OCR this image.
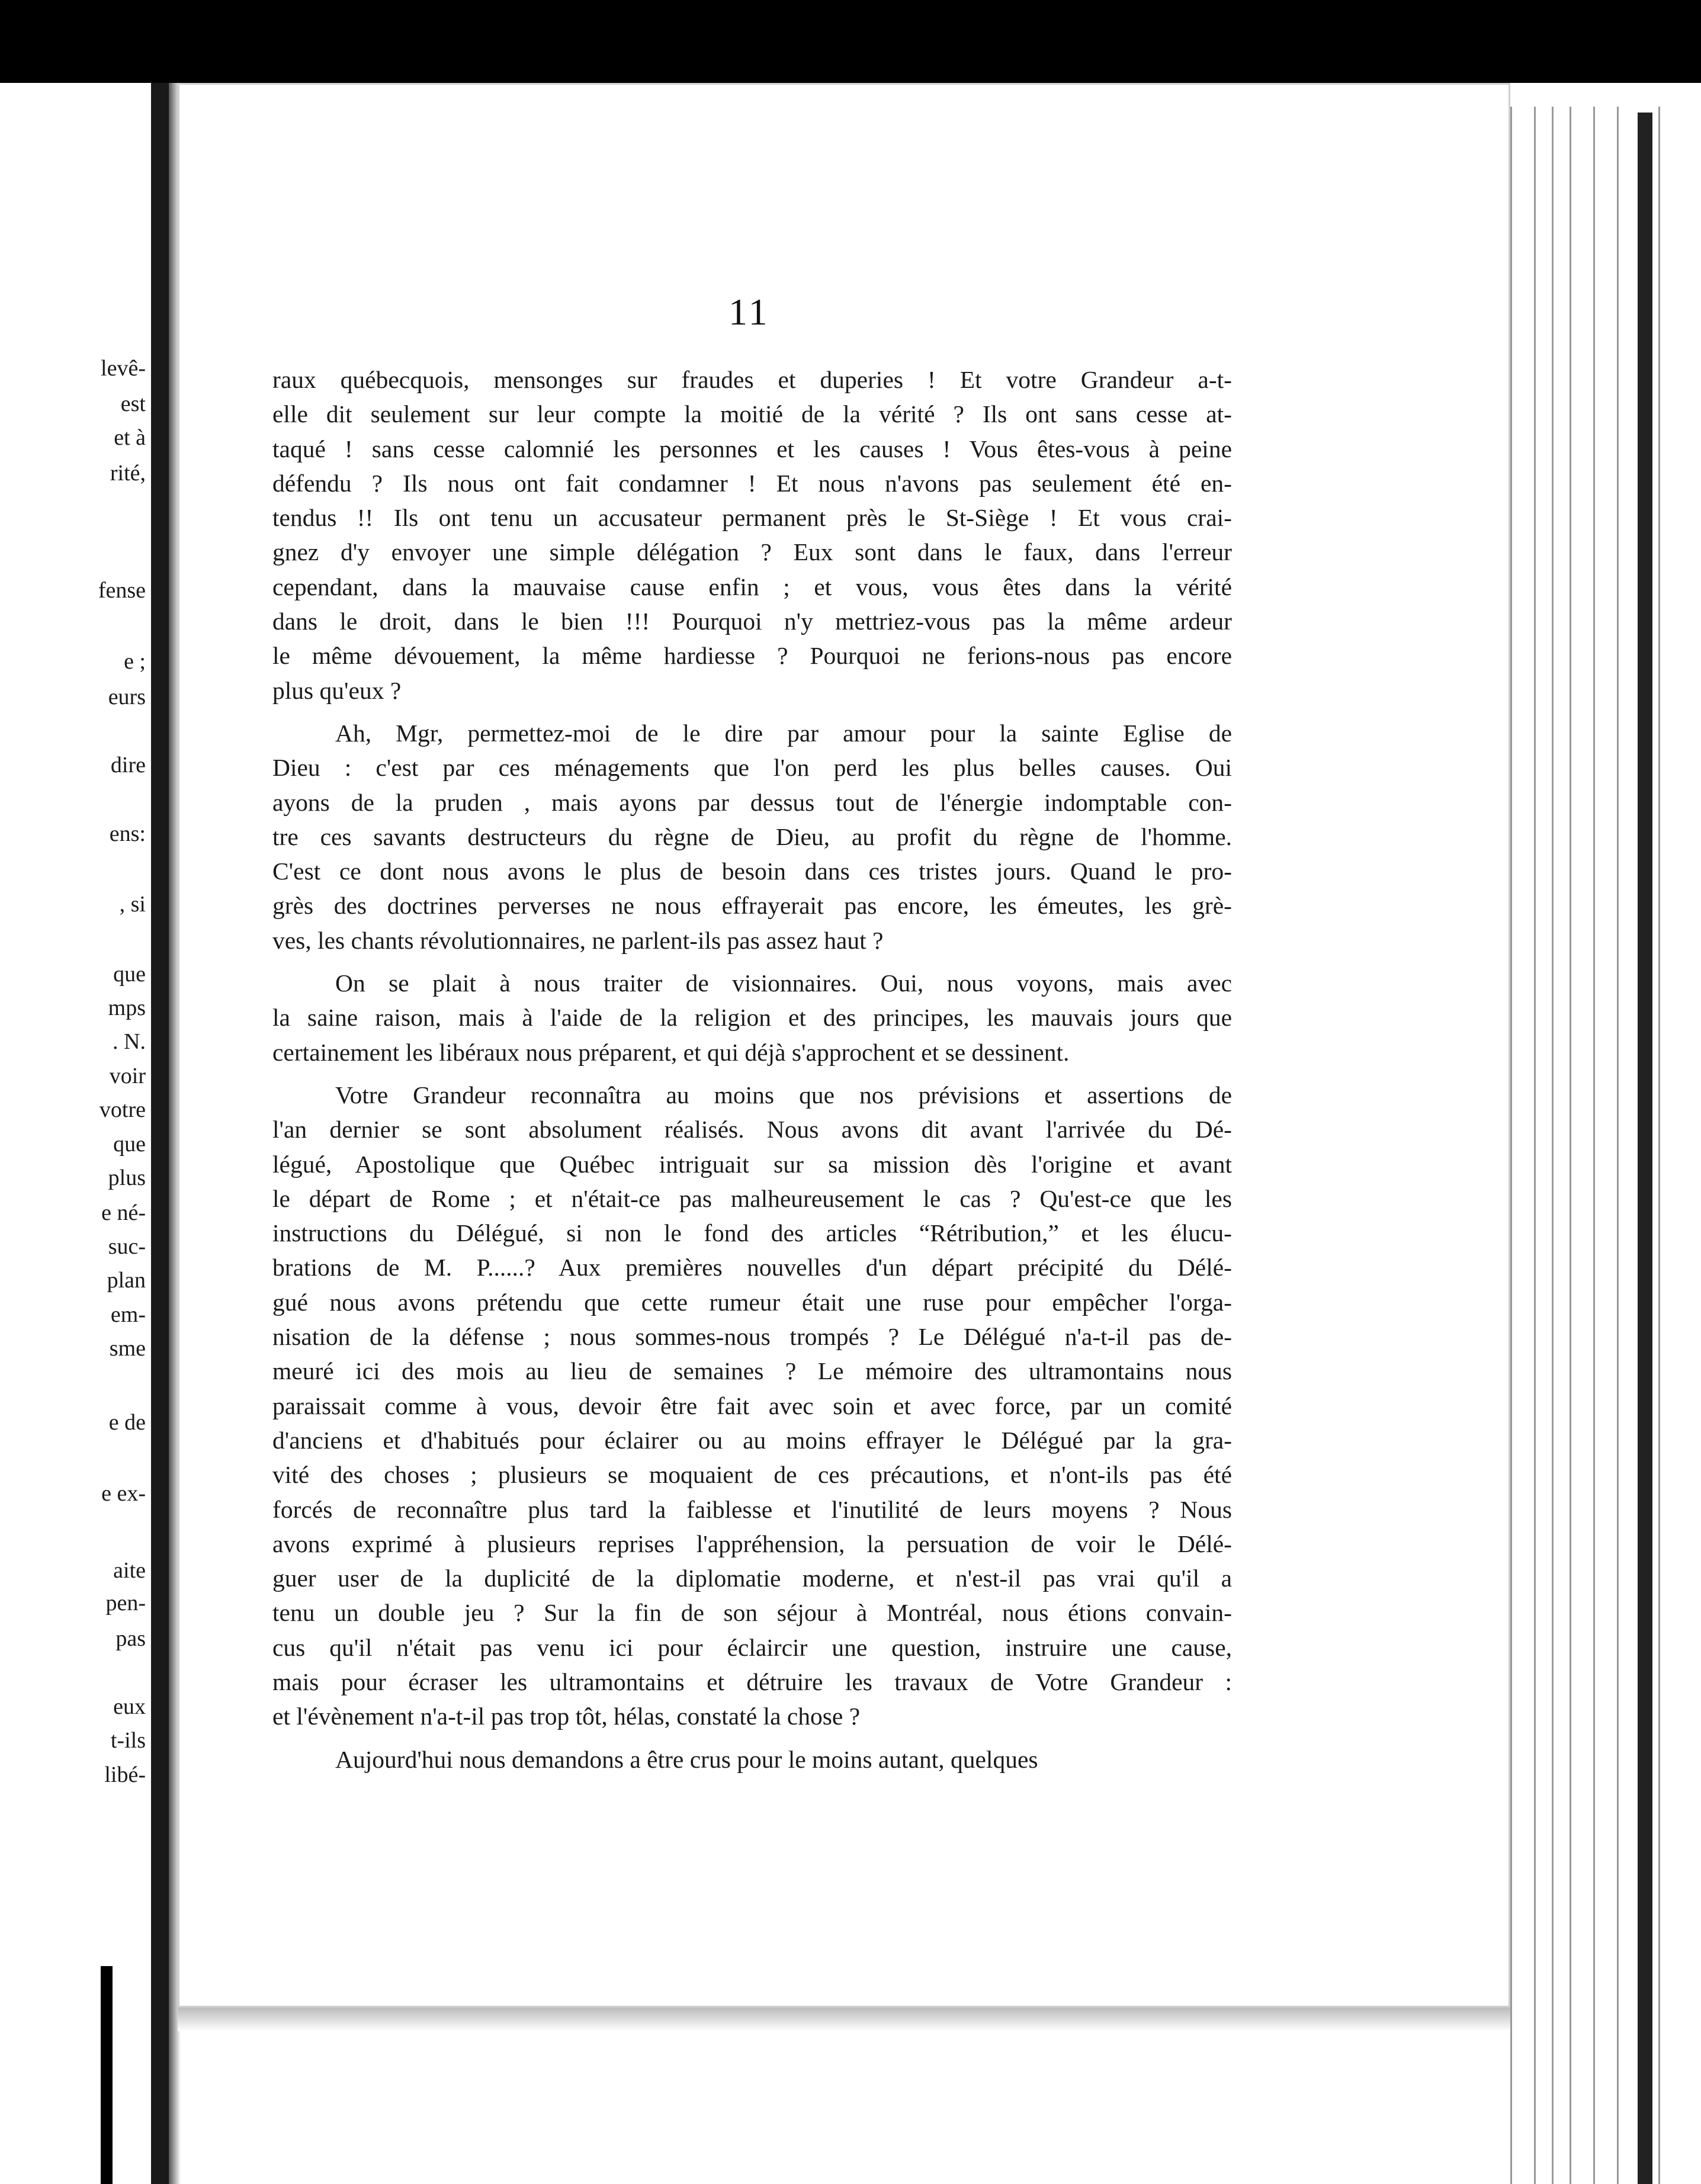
levê-
est
et à
rité,
fense
e ;
eurs
dire
ens:
, si
que
mps
. N.
voir
votre
que
plus
e né-
suc-
plan
em-
sme
e de
e ex-
aite
pen-
pas
eux
t-ils
libé-
11
raux québecquois, mensonges sur fraudes et duperies ! Et votre Grandeur a-t-
elle dit seulement sur leur compte la moitié de la vérité ? Ils ont sans cesse at-
taqué ! sans cesse calomnié les personnes et les causes ! Vous êtes-vous à peine
défendu ? Ils nous ont fait condamner ! Et nous n'avons pas seulement été en-
tendus !! Ils ont tenu un accusateur permanent près le St-Siège ! Et vous crai-
gnez d'y envoyer une simple délégation ? Eux sont dans le faux, dans l'erreur
cependant, dans la mauvaise cause enfin ; et vous, vous êtes dans la vérité
dans le droit, dans le bien !!! Pourquoi n'y mettriez-vous pas la même ardeur
le même dévouement, la même hardiesse ? Pourquoi ne ferions-nous pas encore
plus qu'eux ?
Ah, Mgr, permettez-moi de le dire par amour pour la sainte Eglise de
Dieu : c'est par ces ménagements que l'on perd les plus belles causes. Oui
ayons de la pruden , mais ayons par dessus tout de l'énergie indomptable con-
tre ces savants destructeurs du règne de Dieu, au profit du règne de l'homme.
C'est ce dont nous avons le plus de besoin dans ces tristes jours. Quand le pro-
grès des doctrines perverses ne nous effrayerait pas encore, les émeutes, les grè-
ves, les chants révolutionnaires, ne parlent-ils pas assez haut ?
On se plait à nous traiter de visionnaires. Oui, nous voyons, mais avec
la saine raison, mais à l'aide de la religion et des principes, les mauvais jours que
certainement les libéraux nous préparent, et qui déjà s'approchent et se dessinent.
Votre Grandeur reconnaîtra au moins que nos prévisions et assertions de
l'an dernier se sont absolument réalisés. Nous avons dit avant l'arrivée du Dé-
légué, Apostolique que Québec intriguait sur sa mission dès l'origine et avant
le départ de Rome ; et n'était-ce pas malheureusement le cas ? Qu'est-ce que les
instructions du Délégué, si non le fond des articles “Rétribution,” et les élucu-
brations de M. P......? Aux premières nouvelles d'un départ précipité du Délé-
gué nous avons prétendu que cette rumeur était une ruse pour empêcher l'orga-
nisation de la défense ; nous sommes-nous trompés ? Le Délégué n'a-t-il pas de-
meuré ici des mois au lieu de semaines ? Le mémoire des ultramontains nous
paraissait comme à vous, devoir être fait avec soin et avec force, par un comité
d'anciens et d'habitués pour éclairer ou au moins effrayer le Délégué par la gra-
vité des choses ; plusieurs se moquaient de ces précautions, et n'ont-ils pas été
forcés de reconnaître plus tard la faiblesse et l'inutilité de leurs moyens ? Nous
avons exprimé à plusieurs reprises l'appréhension, la persuation de voir le Délé-
guer user de la duplicité de la diplomatie moderne, et n'est-il pas vrai qu'il a
tenu un double jeu ? Sur la fin de son séjour à Montréal, nous étions convain-
cus qu'il n'était pas venu ici pour éclaircir une question, instruire une cause,
mais pour écraser les ultramontains et détruire les travaux de Votre Grandeur :
et l'évènement n'a-t-il pas trop tôt, hélas, constaté la chose ?
Aujourd'hui nous demandons a être crus pour le moins autant, quelques
